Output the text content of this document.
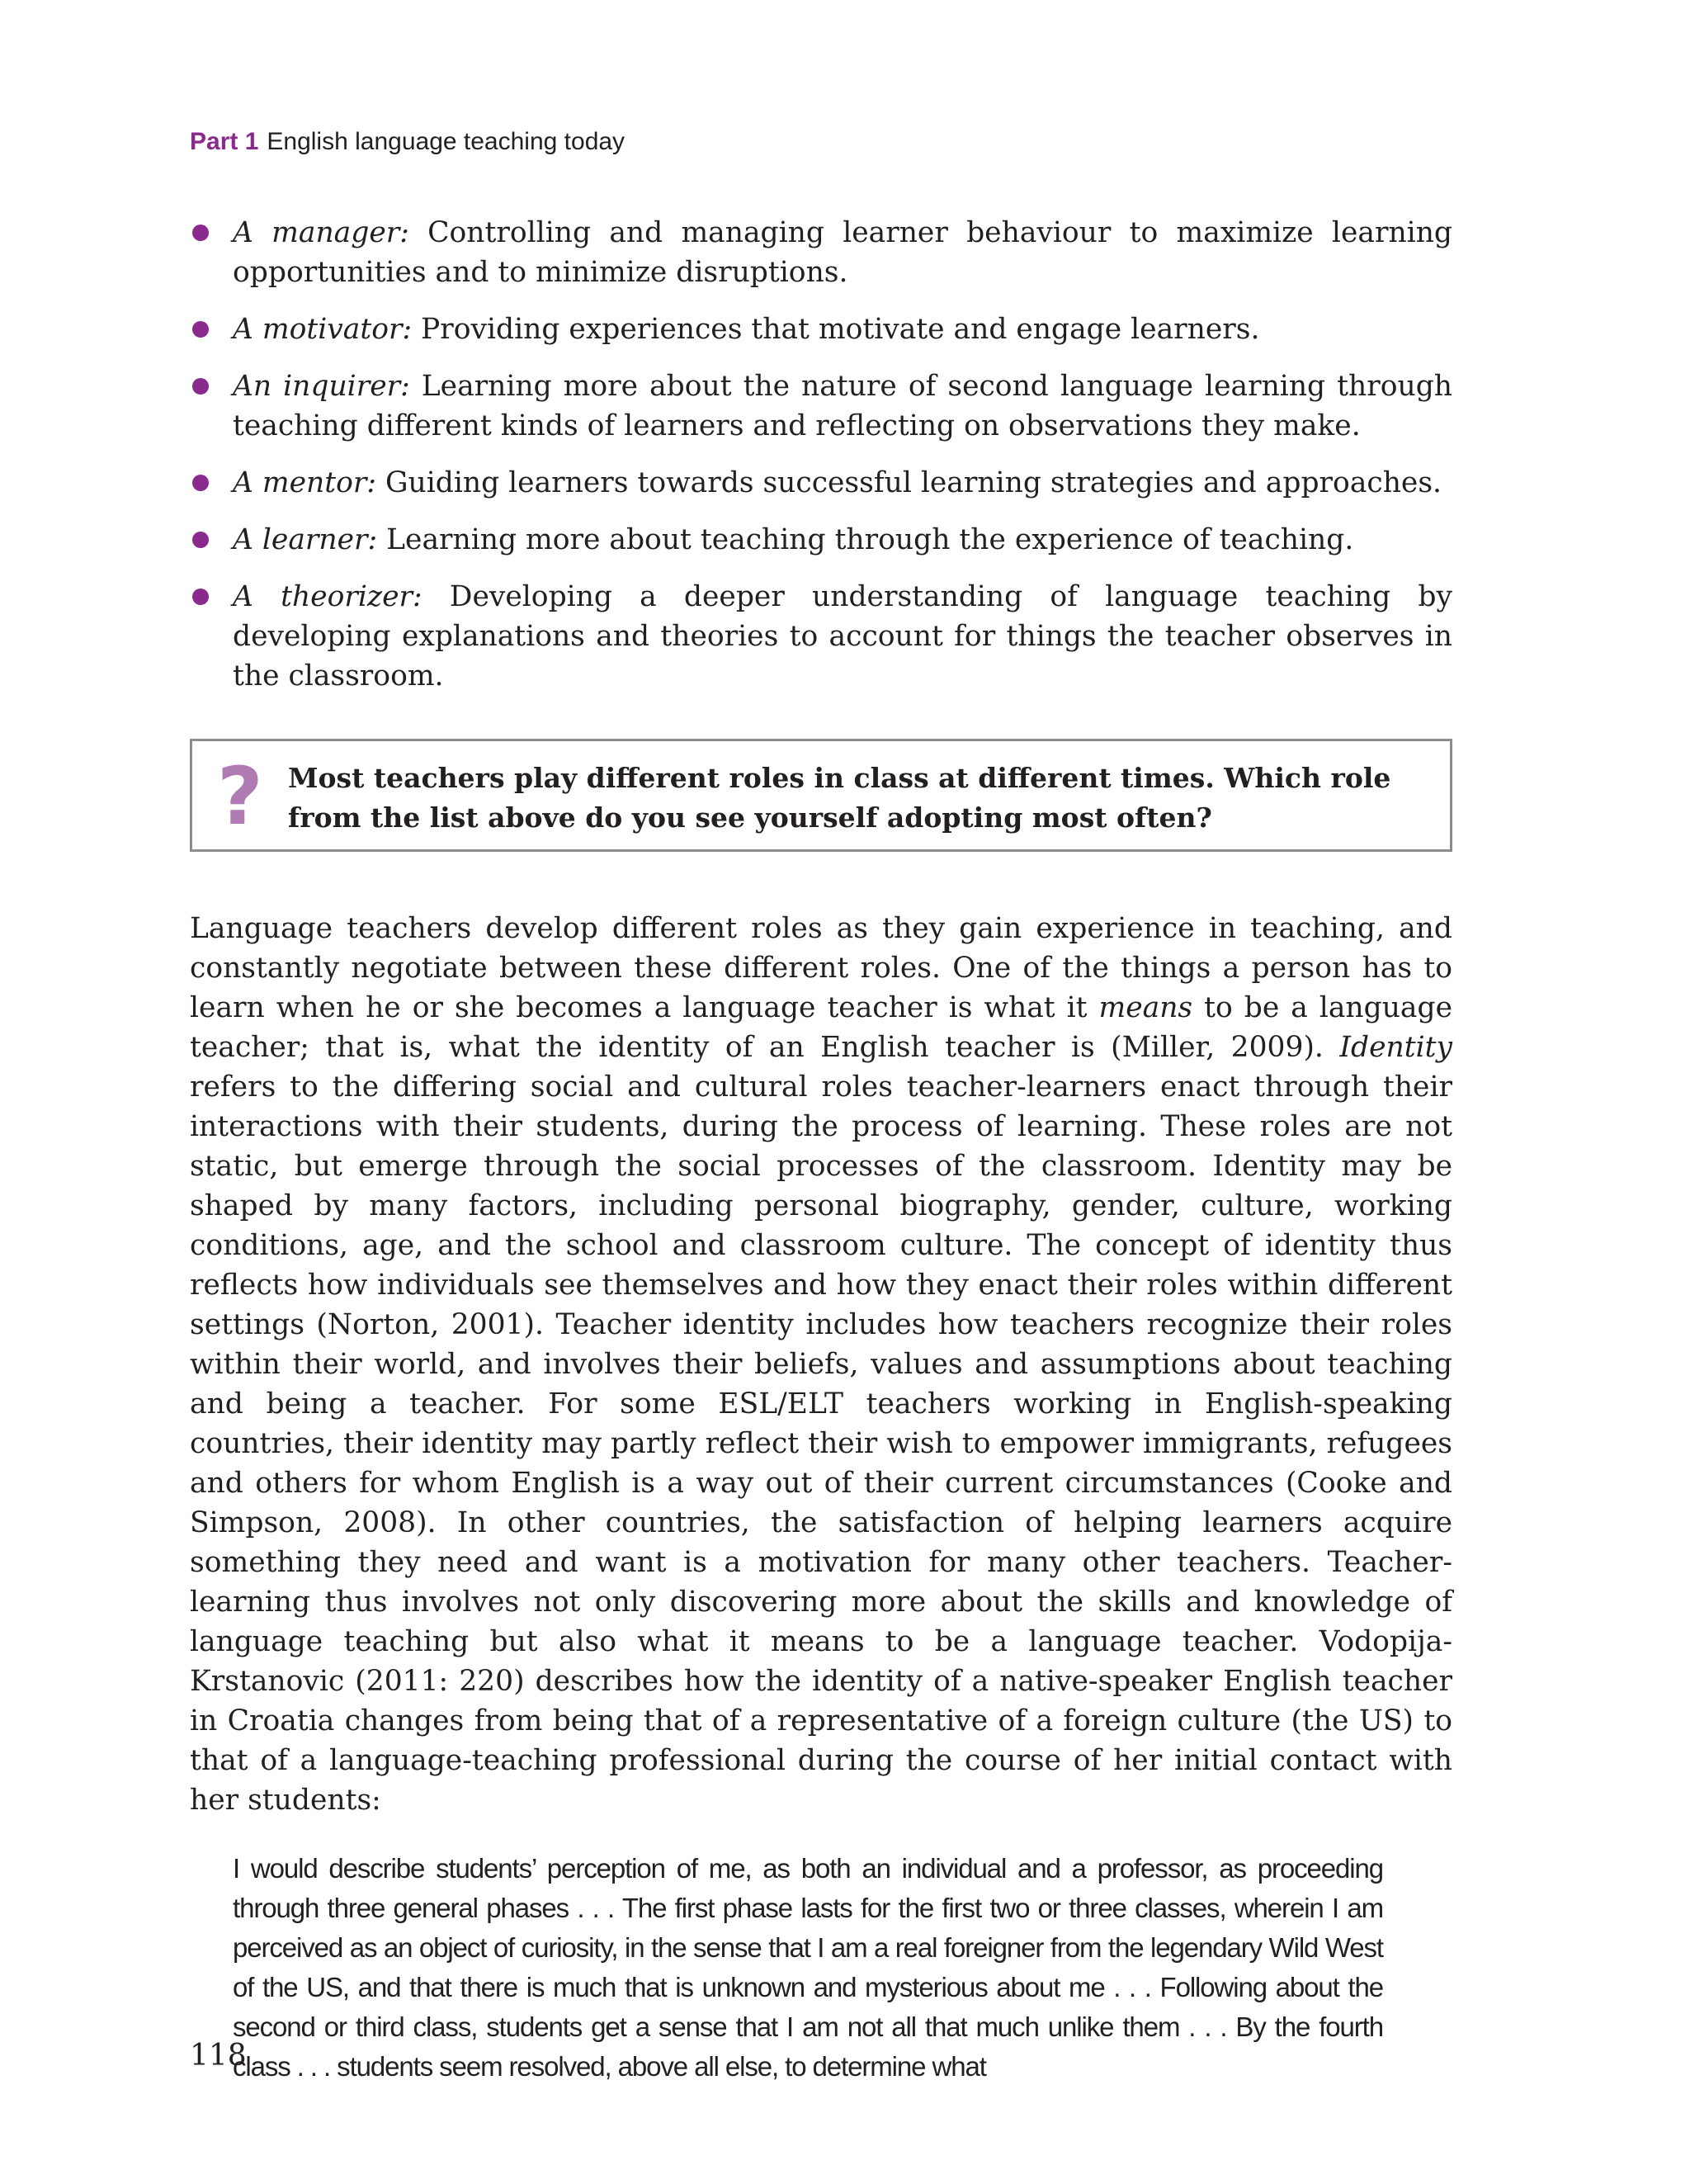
Part 1 English language teaching today
A manager: Controlling and managing learner behaviour to maximize learning opportunities and to minimize disruptions.
A motivator: Providing experiences that motivate and engage learners.
An inquirer: Learning more about the nature of second language learning through teaching different kinds of learners and reflecting on observations they make.
A mentor: Guiding learners towards successful learning strategies and approaches.
A learner: Learning more about teaching through the experience of teaching.
A theorizer: Developing a deeper understanding of language teaching by developing explanations and theories to account for things the teacher observes in the classroom.
? Most teachers play different roles in class at different times. Which role from the list above do you see yourself adopting most often?

Language teachers develop different roles as they gain experience in teaching, and constantly negotiate between these different roles. One of the things a person has to learn when he or she becomes a language teacher is what it means to be a language teacher; that is, what the identity of an English teacher is (Miller, 2009). Identity refers to the differing social and cultural roles teacher-learners enact through their interactions with their students, during the process of learning. These roles are not static, but emerge through the social processes of the classroom. Identity may be shaped by many factors, including personal biography, gender, culture, working conditions, age, and the school and classroom culture. The concept of identity thus reflects how individuals see themselves and how they enact their roles within different settings (Norton, 2001). Teacher identity includes how teachers recognize their roles within their world, and involves their beliefs, values and assumptions about teaching and being a teacher. For some ESL/ELT teachers working in English-speaking countries, their identity may partly reflect their wish to empower immigrants, refugees and others for whom English is a way out of their current circumstances (Cooke and Simpson, 2008). In other countries, the satisfaction of helping learners acquire something they need and want is a motivation for many other teachers. Teacher-learning thus involves not only discovering more about the skills and knowledge of language teaching but also what it means to be a language teacher. Vodopija-Krstanovic (2011: 220) describes how the identity of a native-speaker English teacher in Croatia changes from being that of a representative of a foreign culture (the US) to that of a language-teaching professional during the course of her initial contact with her students:

I would describe students’ perception of me, as both an individual and a professor, as proceeding through three general phases . . . The first phase lasts for the first two or three classes, wherein I am perceived as an object of curiosity, in the sense that I am a real foreigner from the legendary Wild West of the US, and that there is much that is unknown and mysterious about me . . . Following about the second or third class, students get a sense that I am not all that much unlike them . . . By the fourth class . . . students seem resolved, above all else, to determine what
118
